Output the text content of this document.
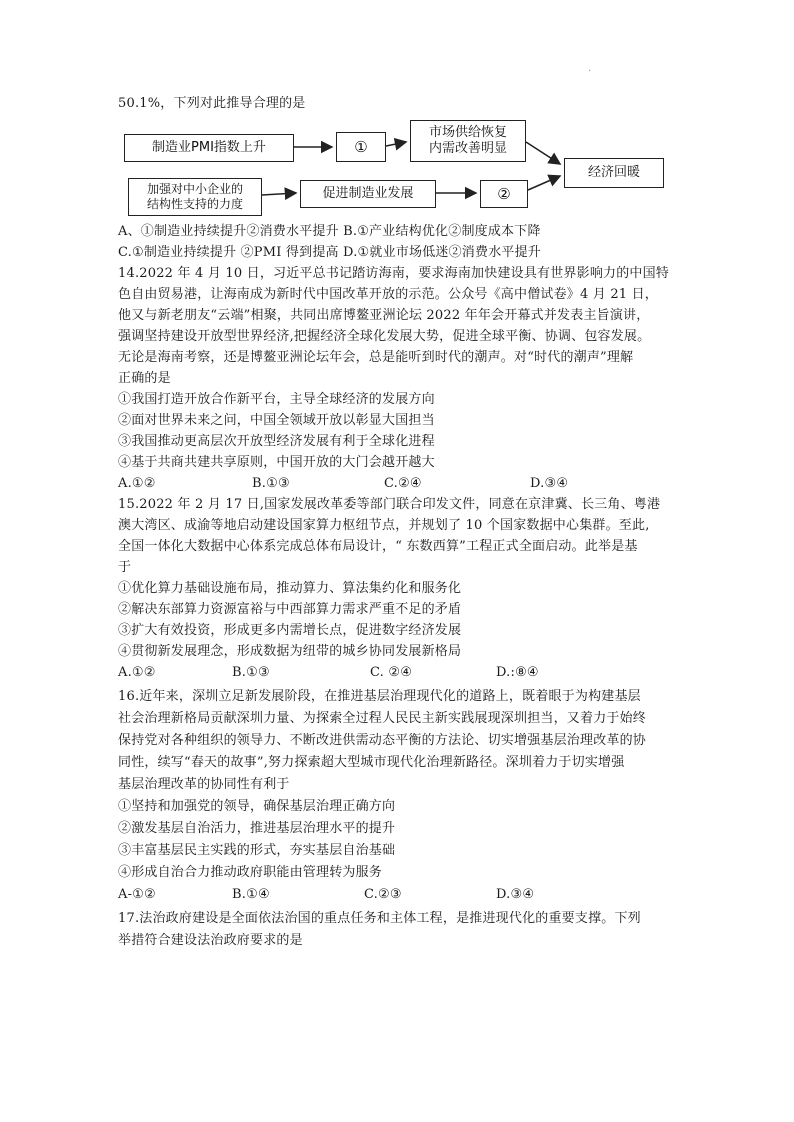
·
50.1%，下列对此推导合理的是
制造业PMI指数上升	①
市场供给恢复
内需改善明显
经济回暖
加强对中小企业的
结构性支持的力度
促进制造业发展	②
A、①制造业持续提升②消费水平提升 B.①产业结构优化②制度成本下降
C.①制造业持续提升 ②PMI 得到提高 D.①就业市场低迷②消费水平提升
14.2022 年 4 月 10 日，习近平总书记踏访海南，要求海南加快建设具有世界影响力的中国特
色自由贸易港，让海南成为新时代中国改革开放的示范。公众号《高中僧试卷》4 月 21 日，
他又与新老朋友“云端”相聚，共同出席博鳌亚洲论坛 2022 年年会开幕式并发表主旨演讲，
强调坚持建设开放型世界经济,把握经济全球化发展大势，促进全球平衡、协调、包容发展。
无论是海南考察，还是博鳌亚洲论坛年会，总是能听到时代的潮声。对“时代的潮声”理解
正确的是
①我国打造开放合作新平台，主导全球经济的发展方向
②面对世界未来之问，中国全领域开放以彰显大国担当
③我国推动更高层次开放型经济发展有利于全球化进程
④基于共商共建共享原则，中国开放的大门会越开越大
A.①②	B.①③	C.②④	D.③④
15.2022 年 2 月 17 日,国家发展改革委等部门联合印发文件，同意在京津冀、长三角、粤港
澳大湾区、成渝等地启动建设国家算力枢纽节点，并规划了 10 个国家数据中心集群。至此,
全国一体化大数据中心体系完成总体布局设计，“ 东数西算”工程正式全面启动。此举是基
于
①优化算力基础设施布局，推动算力、算法集约化和服务化
②解决东部算力资源富裕与中西部算力需求严重不足的矛盾
③扩大有效投资，形成更多内需增长点，促进数字经济发展
④贯彻新发展理念，形成数据为纽带的城乡协同发展新格局
A.①②	B.①③	C. ②④	D.:⑧④
16.近年来，深圳立足新发展阶段，在推进基层治理现代化的道路上，既着眼于为构建基层
社会治理新格局贡献深圳力量、为探索全过程人民民主新实践展现深圳担当，又着力于始终
保持党对各种组织的领导力、不断改进供需动态平衡的方法论、切实增强基层治理改革的协
同性，续写“春天的故事”,努力探索超大型城市现代化治理新路径。深圳着力于切实增强
基层治理改革的协同性有利于
①坚持和加强党的领导，确保基层治理正确方向
②激发基层自治活力，推进基层治理水平的提升
③丰富基层民主实践的形式，夯实基层自治基础
④形成自治合力推动政府职能由管理转为服务
A-①②	B.①④	C.②③	D.③④
17.法治政府建设是全面依法治国的重点任务和主体工程，是推进现代化的重要支撑。下列
举措符合建设法治政府要求的是
